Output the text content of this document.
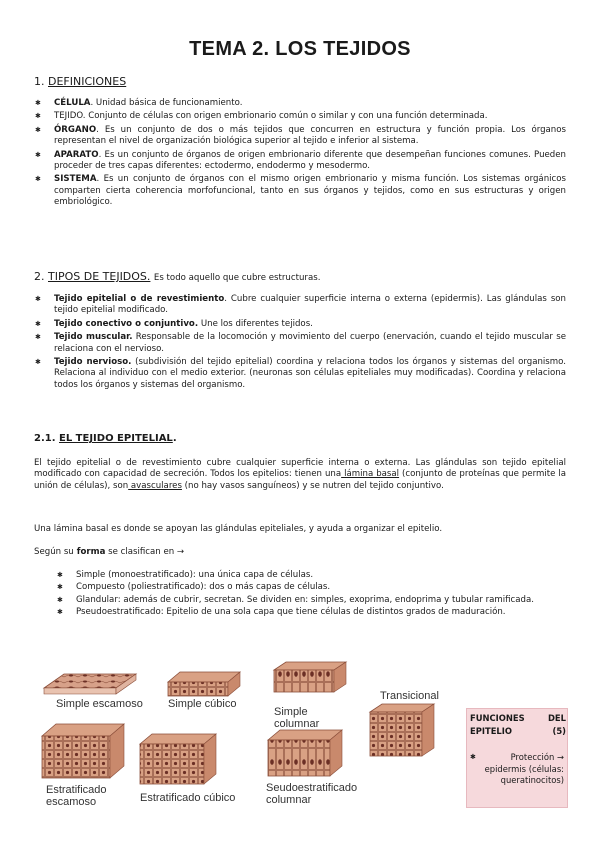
TEMA 2. LOS TEJIDOS
1. DEFINICIONES
✱ CÉLULA. Unidad básica de funcionamiento.
✱ TEJIDO. Conjunto de células con origen embrionario común o similar y con una función determinada.
✱ ÓRGANO. Es un conjunto de dos o más tejidos que concurren en estructura y función propia. Los órganos representan el nivel de organización biológica superior al tejido e inferior al sistema.
✱ APARATO. Es un conjunto de órganos de origen embrionario diferente que desempeñan funciones comunes. Pueden proceder de tres capas diferentes: ectodermo, endodermo y mesodermo.
✱ SISTEMA. Es un conjunto de órganos con el mismo origen embrionario y misma función. Los sistemas orgánicos comparten cierta coherencia morfofuncional, tanto en sus órganos y tejidos, como en sus estructuras y origen embriológico.
2. TIPOS DE TEJIDOS. Es todo aquello que cubre estructuras.
✱ Tejido epitelial o de revestimiento. Cubre cualquier superficie interna o externa (epidermis). Las glándulas son tejido epitelial modificado.
✱ Tejido conectivo o conjuntivo. Une los diferentes tejidos.
✱ Tejido muscular. Responsable de la locomoción y movimiento del cuerpo (enervación, cuando el tejido muscular se relaciona con el nervioso.
✱ Tejido nervioso. (subdivisión del tejido epitelial) coordina y relaciona todos los órganos y sistemas del organismo. Relaciona al individuo con el medio exterior. (neuronas son células epiteliales muy modificadas). Coordina y relaciona todos los órganos y sistemas del organismo.
2.1. EL TEJIDO EPITELIAL.
El tejido epitelial o de revestimiento cubre cualquier superficie interna o externa. Las glándulas son tejido epitelial modificado con capacidad de secreción. Todos los epitelios: tienen una lámina basal (conjunto de proteínas que permite la unión de células), son avasculares (no hay vasos sanguíneos) y se nutren del tejido conjuntivo.
Una lámina basal es donde se apoyan las glándulas epiteliales, y ayuda a organizar el epitelio.
Según su forma se clasifican en →
✱ Simple (monoestratificado): una única capa de células.
✱ Compuesto (poliestratificado): dos o más capas de células.
✱ Glandular: además de cubrir, secretan. Se dividen en: simples, exoprima, endoprima y tubular ramificada.
✱ Pseudoestratificado: Epitelio de una sola capa que tiene células de distintos grados de maduración.
Simple escamoso Simple cúbico
Simple
columnar
Transicional
Estratificado
escamoso	Estratificado cúbico
Seudoestratificado
columnar
FUNCIONES DEL EPITELIO (5)
✱	Protección → epidermis (células: queratinocitos)
